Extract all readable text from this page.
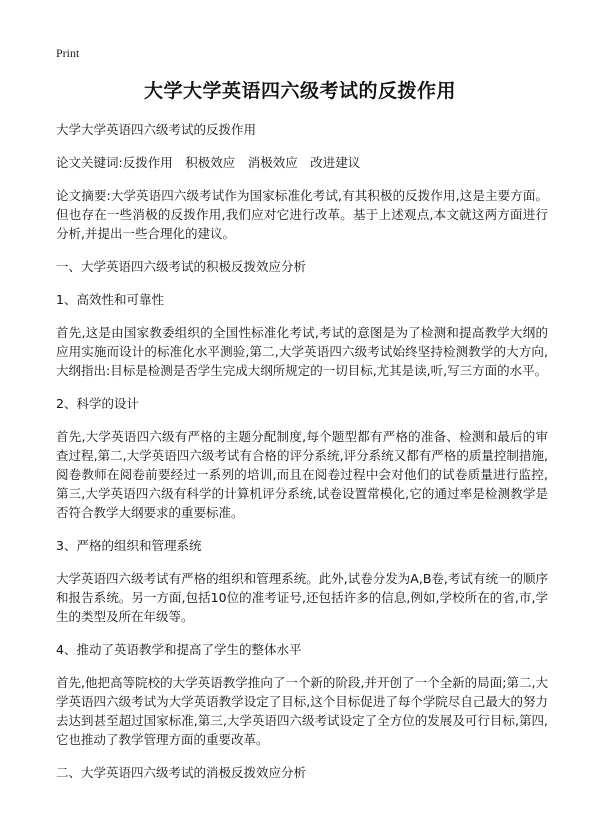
Print
大学大学英语四六级考试的反拨作用

大学大学英语四六级考试的反拨作用

论文关键词:反拨作用　积极效应　消极效应　改进建议

论文摘要:大学英语四六级考试作为国家标准化考试,有其积极的反拨作用,这是主要方面。但也存在一些消极的反拨作用,我们应对它进行改革。基于上述观点,本文就这两方面进行分析,并提出一些合理化的建议。

一、大学英语四六级考试的积极反拨效应分析

1、高效性和可靠性

首先,这是由国家教委组织的全国性标准化考试,考试的意图是为了检测和提高教学大纲的应用实施而设计的标准化水平测验,第二,大学英语四六级考试始终坚持检测教学的大方向,大纲指出:目标是检测是否学生完成大纲所规定的一切目标,尤其是读,听,写三方面的水平。

2、科学的设计

首先,大学英语四六级有严格的主题分配制度,每个题型都有严格的准备、检测和最后的审查过程,第二,大学英语四六级考试有合格的评分系统,评分系统又都有严格的质量控制措施,阅卷教师在阅卷前要经过一系列的培训,而且在阅卷过程中会对他们的试卷质量进行监控,第三,大学英语四六级有科学的计算机评分系统,试卷设置常模化,它的通过率是检测教学是否符合教学大纲要求的重要标准。

3、严格的组织和管理系统

大学英语四六级考试有严格的组织和管理系统。此外,试卷分发为A,B卷,考试有统一的顺序和报告系统。另一方面,包括10位的准考证号,还包括许多的信息,例如,学校所在的省,市,学生的类型及所在年级等。

4、推动了英语教学和提高了学生的整体水平

首先,他把高等院校的大学英语教学推向了一个新的阶段,并开创了一个全新的局面;第二,大学英语四六级考试为大学英语教学设定了目标,这个目标促进了每个学院尽自己最大的努力去达到甚至超过国家标准,第三,大学英语四六级考试设定了全方位的发展及可行目标,第四,它也推动了教学管理方面的重要改革。

二、大学英语四六级考试的消极反拨效应分析
